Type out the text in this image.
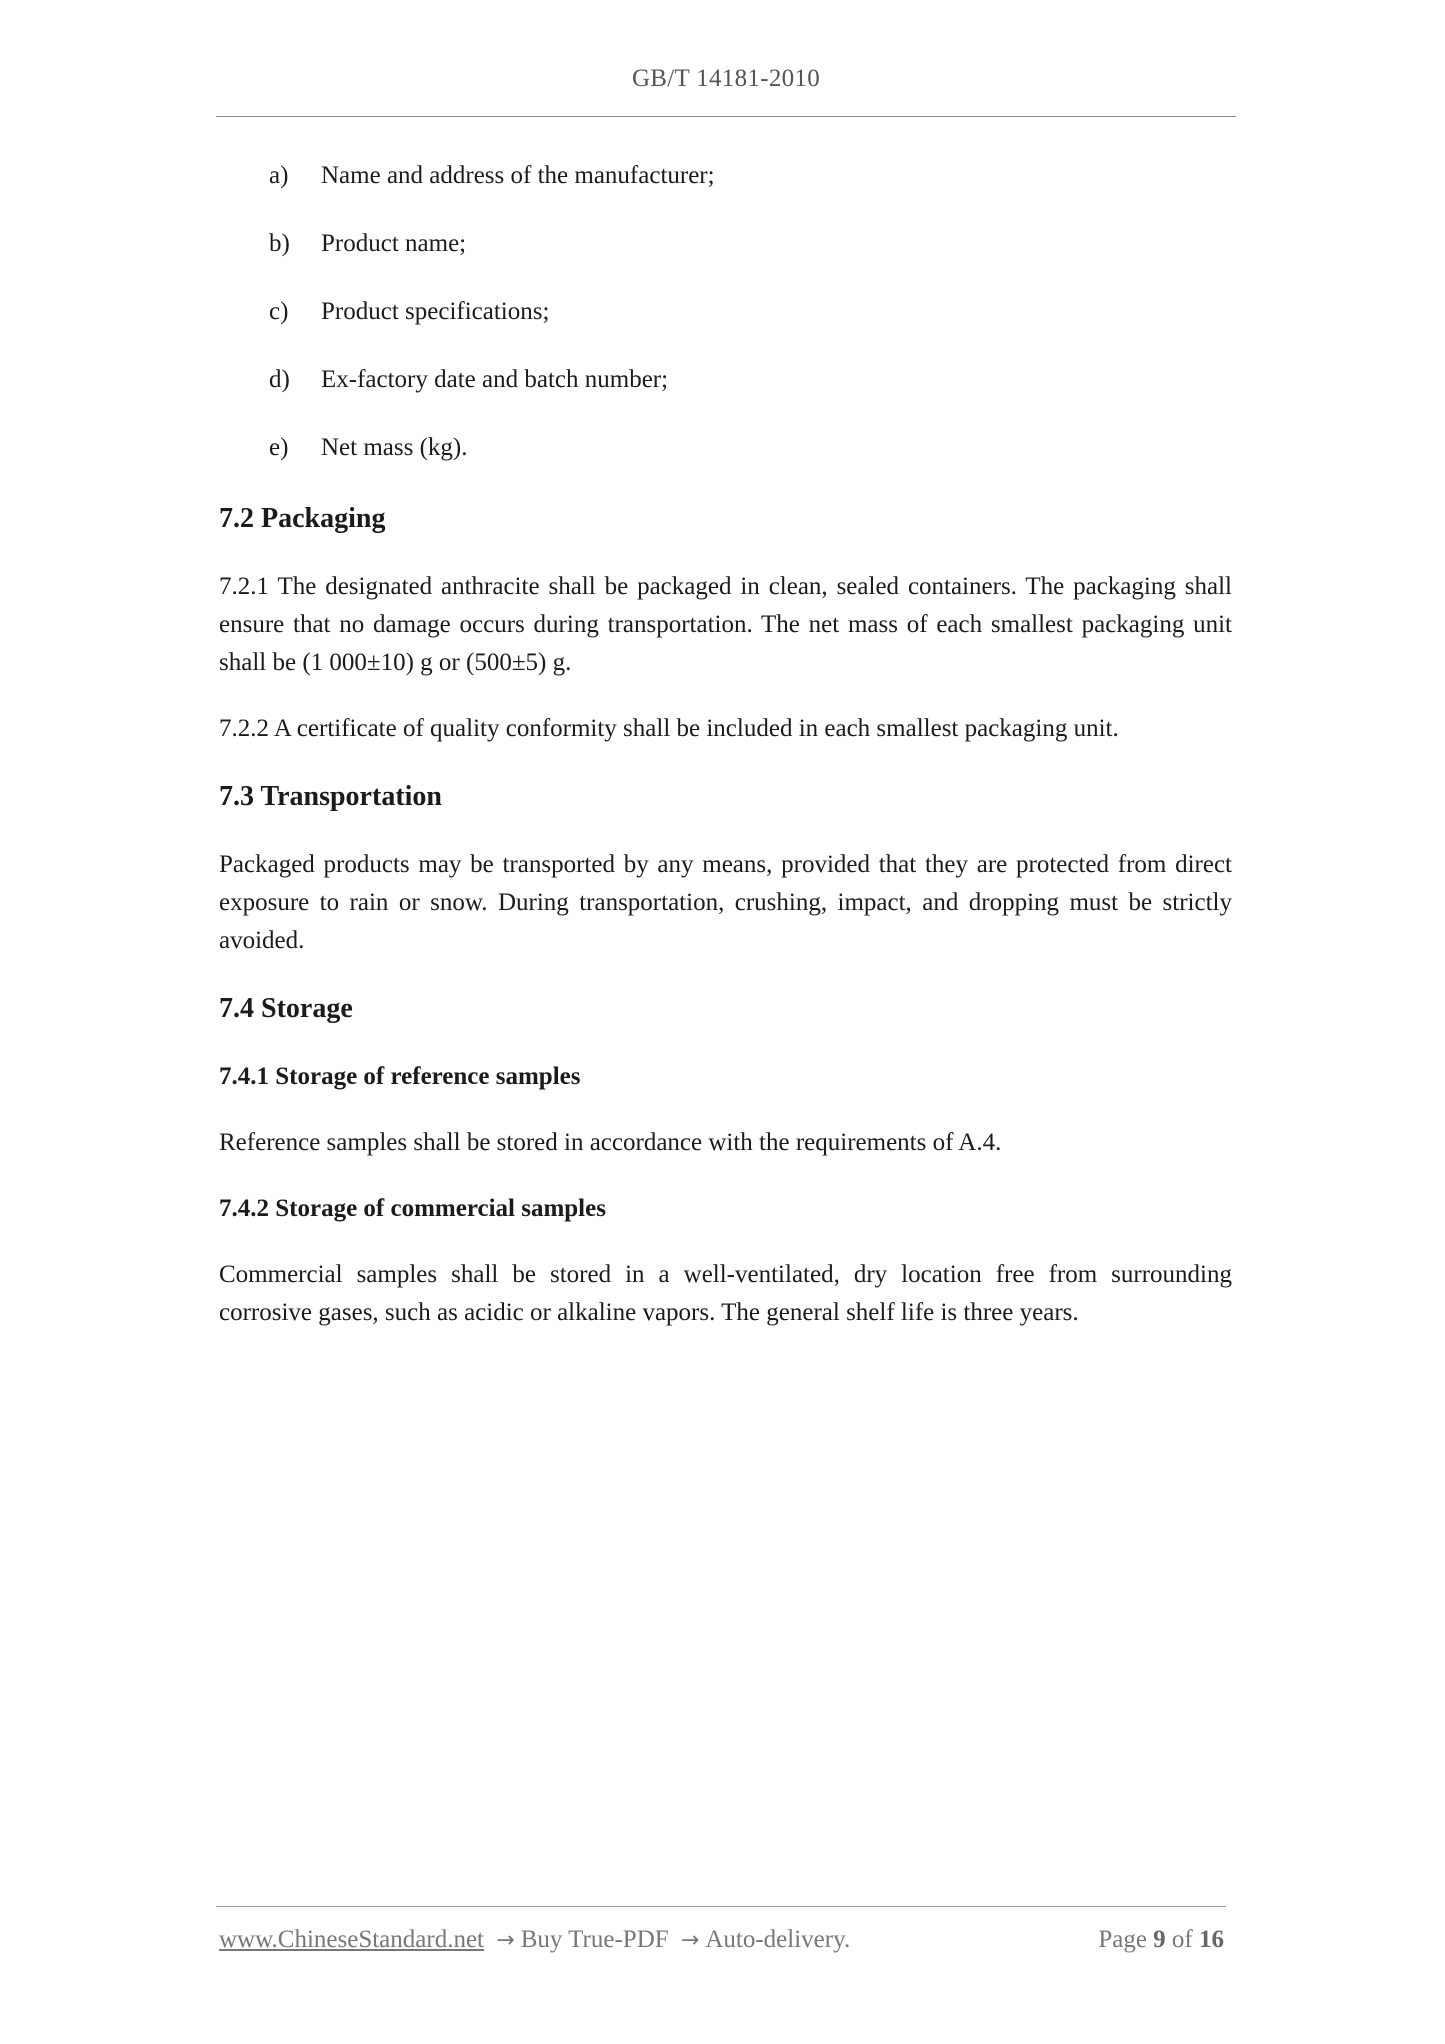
GB/T 14181-2010
a)	Name and address of the manufacturer;
b)	Product name;
c)	Product specifications;
d)	Ex-factory date and batch number;
e)	Net mass (kg).
7.2 Packaging

7.2.1 The designated anthracite shall be packaged in clean, sealed containers. The packaging shall ensure that no damage occurs during transportation. The net mass of each smallest packaging unit shall be (1 000±10) g or (500±5) g.

7.2.2 A certificate of quality conformity shall be included in each smallest packaging unit.

7.3 Transportation

Packaged products may be transported by any means, provided that they are protected from direct exposure to rain or snow. During transportation, crushing, impact, and dropping must be strictly avoided.

7.4 Storage
7.4.1 Storage of reference samples

Reference samples shall be stored in accordance with the requirements of A.4.

7.4.2 Storage of commercial samples

Commercial samples shall be stored in a well-ventilated, dry location free from surrounding corrosive gases, such as acidic or alkaline vapors. The general shelf life is three years.

www.ChineseStandard.net → Buy True-PDF → Auto-delivery.	Page 9 of 16
